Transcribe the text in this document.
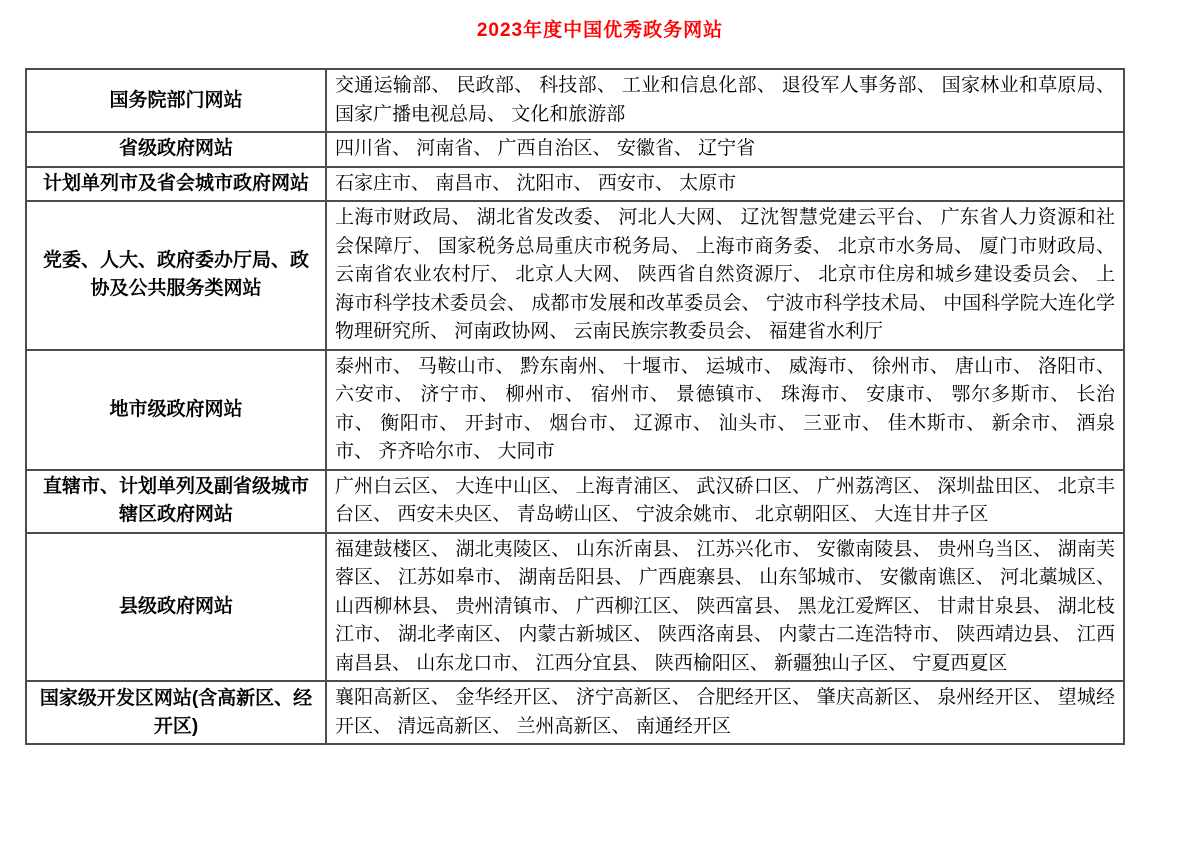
2023年度中国优秀政务网站
国务院部门网站	交通运输部、 民政部、 科技部、 工业和信息化部、 退役军人事务部、 国家林业和草原局、 国家广播电视总局、 文化和旅游部
省级政府网站	四川省、 河南省、 广西自治区、 安徽省、 辽宁省
计划单列市及省会城市政府网站	石家庄市、 南昌市、 沈阳市、 西安市、 太原市
党委、人大、政府委办厅局、政协及公共服务类网站	上海市财政局、 湖北省发改委、 河北人大网、 辽沈智慧党建云平台、 广东省人力资源和社会保障厅、 国家税务总局重庆市税务局、 上海市商务委、 北京市水务局、 厦门市财政局、 云南省农业农村厅、 北京人大网、 陕西省自然资源厅、 北京市住房和城乡建设委员会、 上海市科学技术委员会、 成都市发展和改革委员会、 宁波市科学技术局、 中国科学院大连化学物理研究所、 河南政协网、 云南民族宗教委员会、 福建省水利厅
地市级政府网站	泰州市、 马鞍山市、 黔东南州、 十堰市、 运城市、 威海市、 徐州市、 唐山市、 洛阳市、 六安市、 济宁市、 柳州市、 宿州市、 景德镇市、 珠海市、 安康市、 鄂尔多斯市、 长治市、 衡阳市、 开封市、 烟台市、 辽源市、 汕头市、 三亚市、 佳木斯市、 新余市、 酒泉市、 齐齐哈尔市、 大同市
直辖市、计划单列及副省级城市辖区政府网站	广州白云区、 大连中山区、 上海青浦区、 武汉硚口区、 广州荔湾区、 深圳盐田区、 北京丰台区、 西安未央区、 青岛崂山区、 宁波余姚市、 北京朝阳区、 大连甘井子区
县级政府网站	福建鼓楼区、 湖北夷陵区、 山东沂南县、 江苏兴化市、 安徽南陵县、 贵州乌当区、 湖南芙蓉区、 江苏如皋市、 湖南岳阳县、 广西鹿寨县、 山东邹城市、 安徽南谯区、 河北藁城区、 山西柳林县、 贵州清镇市、 广西柳江区、 陕西富县、 黑龙江爱辉区、 甘肃甘泉县、 湖北枝江市、 湖北孝南区、 内蒙古新城区、 陕西洛南县、 内蒙古二连浩特市、 陕西靖边县、 江西南昌县、 山东龙口市、 江西分宜县、 陕西榆阳区、 新疆独山子区、 宁夏西夏区
国家级开发区网站(含高新区、经开区)	襄阳高新区、 金华经开区、 济宁高新区、 合肥经开区、 肇庆高新区、 泉州经开区、 望城经开区、 清远高新区、 兰州高新区、 南通经开区
